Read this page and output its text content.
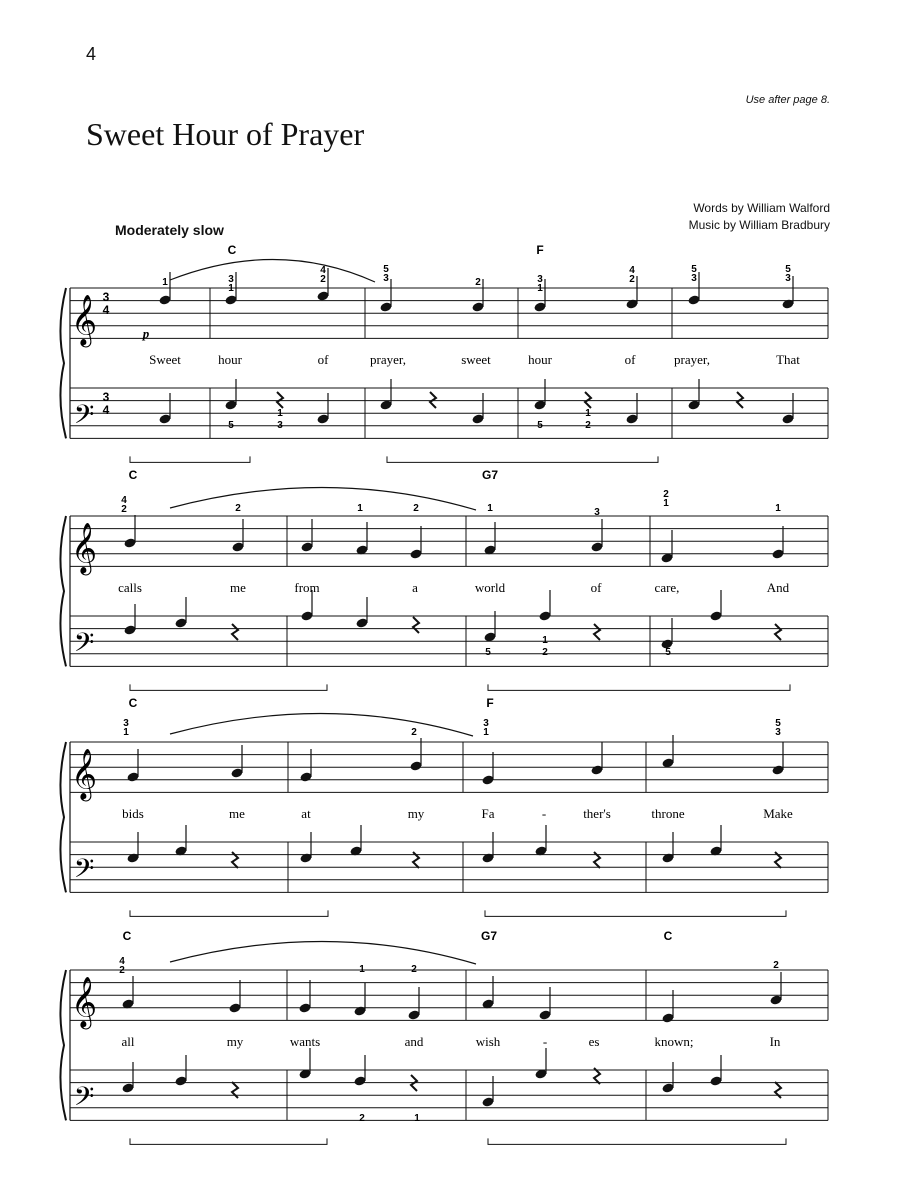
4
Use after page 8.
Sweet Hour of Prayer
Words by William Walford
Music by William Bradbury
Moderately slow
𝄞
𝄢
3
4
3
4
p
C	F
Sweet	hour	of	prayer,	sweet	hour	of	prayer,	That
1	3
1
4
2
5
3	2	3
1
4
2
5
3
5
3
5
1
3	5
1
2
𝄞
𝄢
C	G7
calls	me	from	a	world	of	care,	And
4
2	2	1	2	1	3
2
1	1
5
1
2	5
𝄞
𝄢
C	F
bids	me	at	my	Fa	-	ther's	throne	Make
3
1	2
3
1
5
3
𝄞
𝄢
C	G7	C
all	my	wants	and	wish	-	es	known;	In
4
2	1	2	2
2	1
